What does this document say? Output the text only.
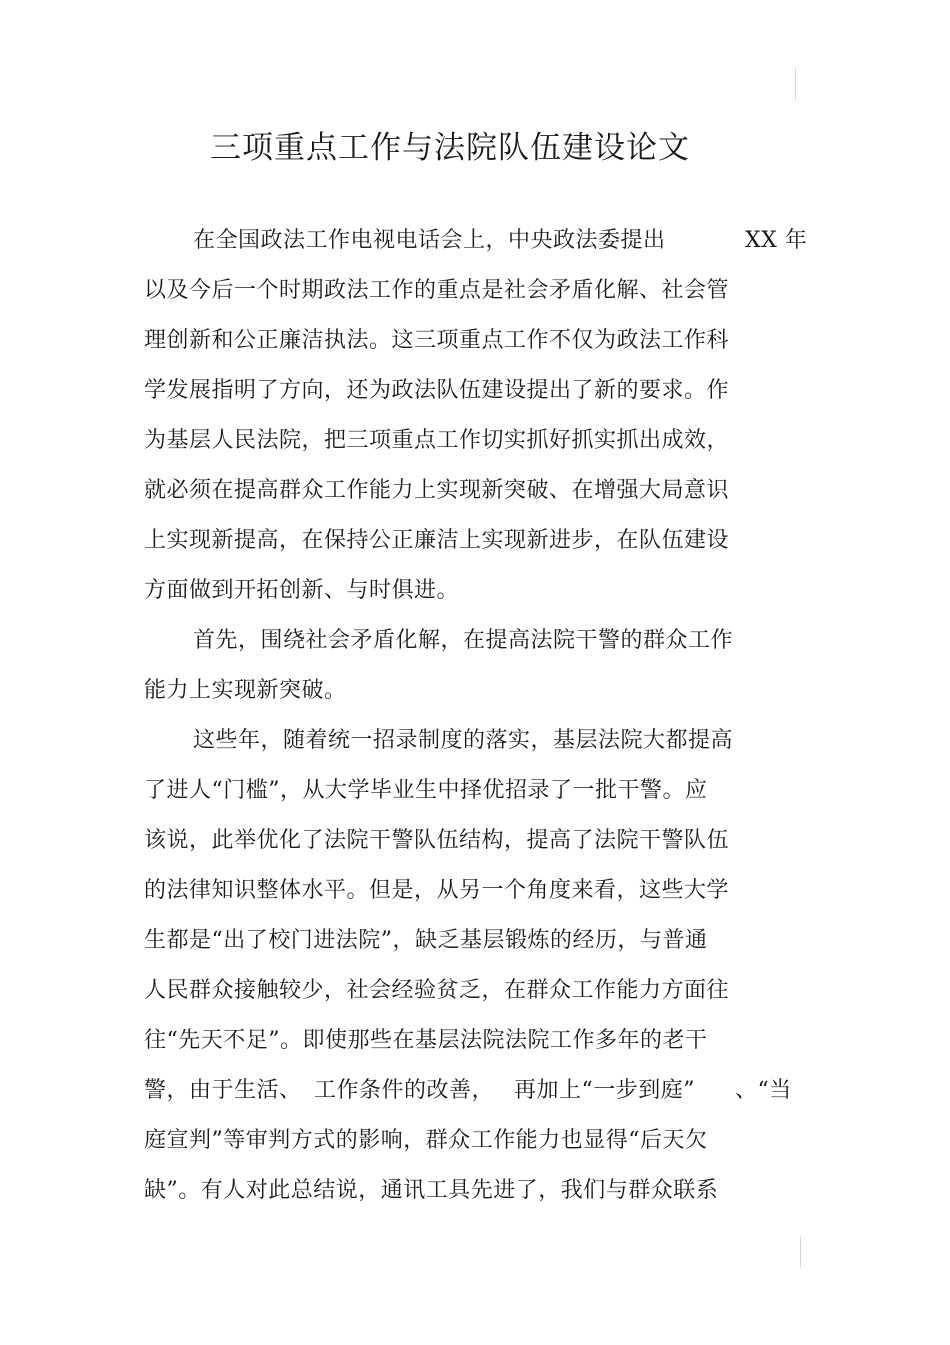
三项重点工作与法院队伍建设论文
在全国政法工作电视电话会上，中央政法委提出	XX 年
以及今后一个时期政法工作的重点是社会矛盾化解、社会管
理创新和公正廉洁执法。这三项重点工作不仅为政法工作科
学发展指明了方向，还为政法队伍建设提出了新的要求。作
为基层人民法院，把三项重点工作切实抓好抓实抓出成效，
就必须在提高群众工作能力上实现新突破、在增强大局意识
上实现新提高，在保持公正廉洁上实现新进步，在队伍建设
方面做到开拓创新、与时俱进。
首先，围绕社会矛盾化解，在提高法院干警的群众工作
能力上实现新突破。
这些年，随着统一招录制度的落实，基层法院大都提高
了进人“门槛”，从大学毕业生中择优招录了一批干警。应
该说，此举优化了法院干警队伍结构，提高了法院干警队伍
的法律知识整体水平。但是，从另一个角度来看，这些大学
生都是“出了校门进法院”，缺乏基层锻炼的经历，与普通
人民群众接触较少，社会经验贫乏，在群众工作能力方面往
往“先天不足”。即使那些在基层法院法院工作多年的老干
警，由于生活、 工作条件的改善， 再加上“一步到庭” 、“当
庭宣判”等审判方式的影响，群众工作能力也显得“后天欠
缺”。有人对此总结说，通讯工具先进了，我们与群众联系
